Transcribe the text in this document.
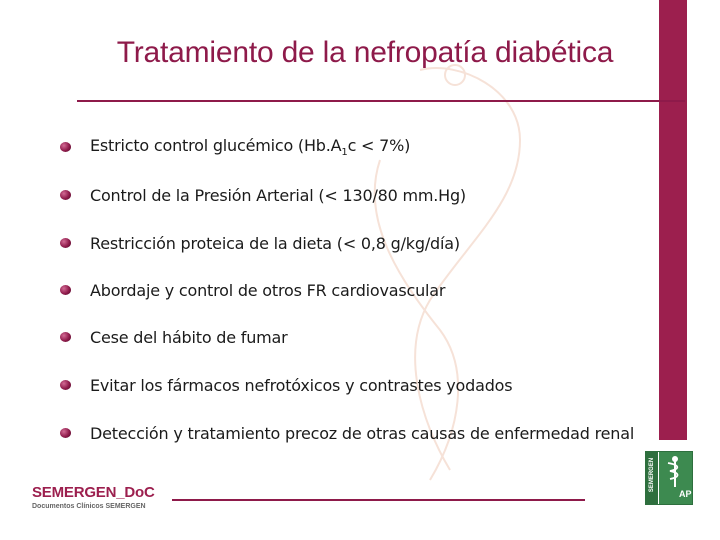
Tratamiento de la nefropatía diabética
Estricto control glucémico $(Hb.A_1c < 7\%)$
Control de la Presión Arterial (< 130/80 mm.Hg)
Restricción proteica de la dieta (< 0,8 g/kg/día)
Abordaje y control de otros FR cardiovascular
Cese del hábito de fumar
Evitar los fármacos nefrotóxicos y contrastes yodados
Detección y tratamiento precoz de otras causas de enfermedad renal
SEMERGEN_DoC
Documentos Clínicos SEMERGEN
SEMERGEN
AP
